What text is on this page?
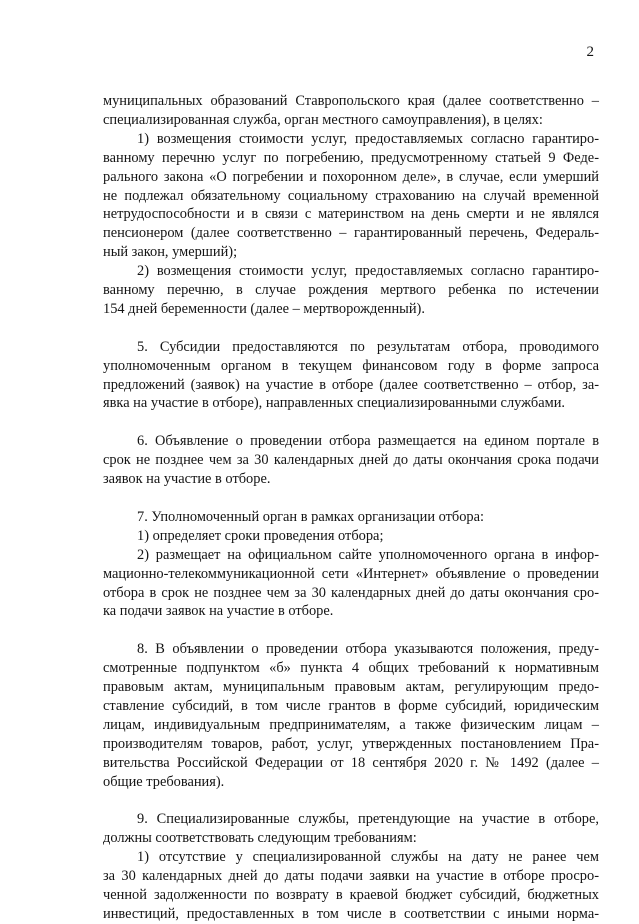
2

муниципальных образований Ставропольского края (далее соответственно –
специализированная служба, орган местного самоуправления), в целях:
1) возмещения стоимости услуг, предоставляемых согласно гарантиро-
ванному перечню услуг по погребению, предусмотренному статьей 9 Феде-
рального закона «О погребении и похоронном деле», в случае, если умерший
не подлежал обязательному социальному страхованию на случай временной
нетрудоспособности и в связи с материнством на день смерти и не являлся
пенсионером (далее соответственно – гарантированный перечень, Федераль-
ный закон, умерший);
2) возмещения стоимости услуг, предоставляемых согласно гарантиро-
ванному перечню, в случае рождения мертвого ребенка по истечении
154 дней беременности (далее – мертворожденный).

5. Субсидии предоставляются по результатам отбора, проводимого
уполномоченным органом в текущем финансовом году в форме запроса
предложений (заявок) на участие в отборе (далее соответственно – отбор, за-
явка на участие в отборе), направленных специализированными службами.

6. Объявление о проведении отбора размещается на едином портале в
срок не позднее чем за 30 календарных дней до даты окончания срока подачи
заявок на участие в отборе.

7. Уполномоченный орган в рамках организации отбора:
1) определяет сроки проведения отбора;
2) размещает на официальном сайте уполномоченного органа в инфор-
мационно-телекоммуникационной сети «Интернет» объявление о проведении
отбора в срок не позднее чем за 30 календарных дней до даты окончания сро-
ка подачи заявок на участие в отборе.

8. В объявлении о проведении отбора указываются положения, преду-
смотренные подпунктом «б» пункта 4 общих требований к нормативным
правовым актам, муниципальным правовым актам, регулирующим предо-
ставление субсидий, в том числе грантов в форме субсидий, юридическим
лицам, индивидуальным предпринимателям, а также физическим лицам –
производителям товаров, работ, услуг, утвержденных постановлением Пра-
вительства Российской Федерации от 18 сентября 2020 г. № 1492 (далее –
общие требования).

9. Специализированные службы, претендующие на участие в отборе,
должны соответствовать следующим требованиям:
1) отсутствие у специализированной службы на дату не ранее чем
за 30 календарных дней до даты подачи заявки на участие в отборе просро-
ченной задолженности по возврату в краевой бюджет субсидий, бюджетных
инвестиций, предоставленных в том числе в соответствии с иными норма-
